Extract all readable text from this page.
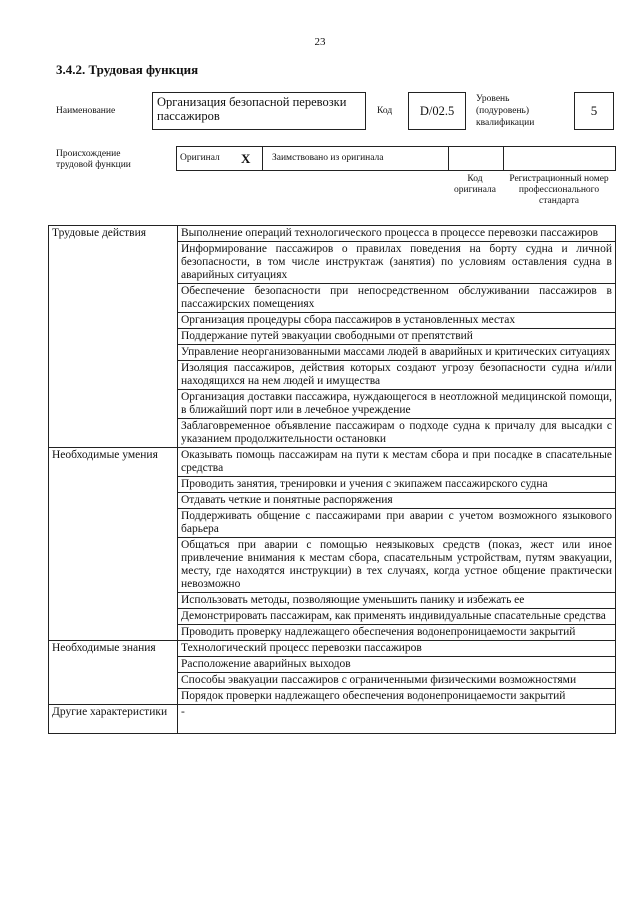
23
3.4.2. Трудовая функция
Наименование
Организация безопасной перевозки пассажиров	Код	D/02.5
Уровень
(подуровень)
квалификации
5
Происхождение
трудовой функции
Оригинал X Заимствовано из оригинала
Код
оригинала
Регистрационный номер
профессионального
стандарта
Трудовые действия	Выполнение операций технологического процесса в процессе перевозки пассажиров
	Информирование пассажиров о правилах поведения на борту судна и личной безопасности, в том числе инструктаж (занятия) по условиям оставления судна в аварийных ситуациях
	Обеспечение безопасности при непосредственном обслуживании пассажиров в пассажирских помещениях
	Организация процедуры сбора пассажиров в установленных местах
	Поддержание путей эвакуации свободными от препятствий
	Управление неорганизованными массами людей в аварийных и критических ситуациях
	Изоляция пассажиров, действия которых создают угрозу безопасности судна и/или находящихся на нем людей и имущества
	Организация доставки пассажира, нуждающегося в неотложной медицинской помощи, в ближайший порт или в лечебное учреждение
	Заблаговременное объявление пассажирам о подходе судна к причалу для высадки с указанием продолжительности остановки
Необходимые умения	Оказывать помощь пассажирам на пути к местам сбора и при посадке в спасательные средства
	Проводить занятия, тренировки и учения с экипажем пассажирского судна
	Отдавать четкие и понятные распоряжения
	Поддерживать общение с пассажирами при аварии с учетом возможного языкового барьера
	Общаться при аварии с помощью неязыковых средств (показ, жест или иное привлечение внимания к местам сбора, спасательным устройствам, путям эвакуации, месту, где находятся инструкции) в тех случаях, когда устное общение практически невозможно
	Использовать методы, позволяющие уменьшить панику и избежать ее
	Демонстрировать пассажирам, как применять индивидуальные спасательные средства
	Проводить проверку надлежащего обеспечения водонепроницаемости закрытий
Необходимые знания	Технологический процесс перевозки пассажиров
	Расположение аварийных выходов
	Способы эвакуации пассажиров с ограниченными физическими возможностями
	Порядок проверки надлежащего обеспечения водонепроницаемости закрытий
Другие характеристики	-
